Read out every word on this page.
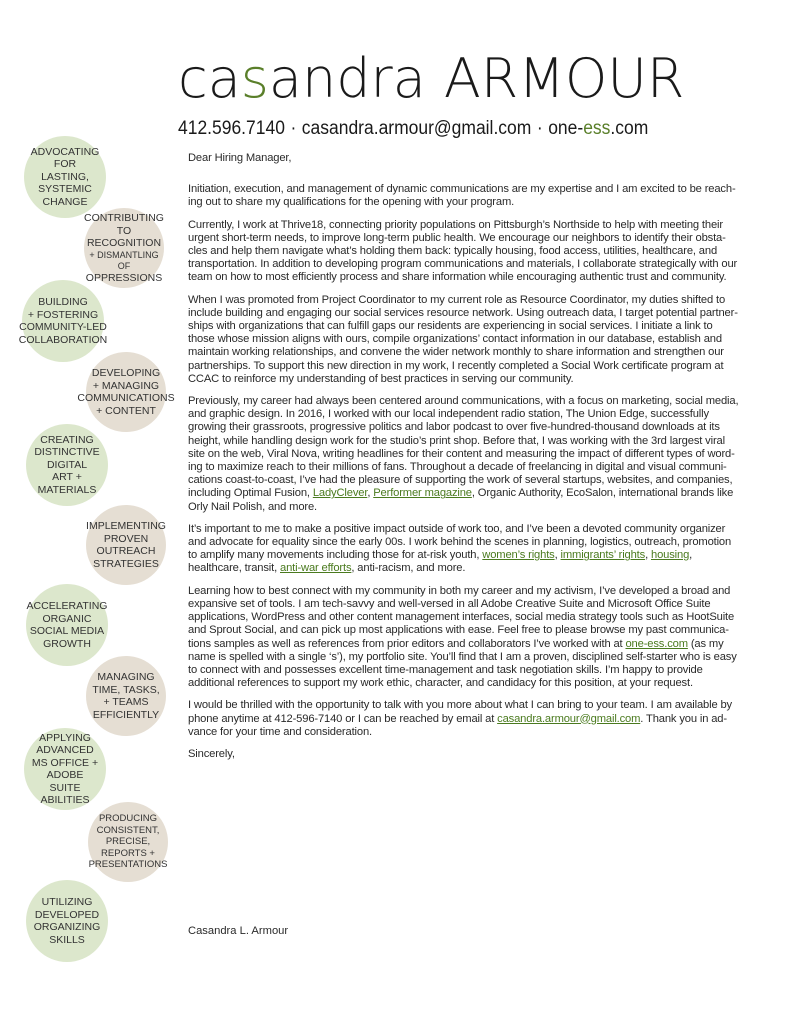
casandra ARMOUR
412.596.7140 · casandra.armour@gmail.com · one-ess.com
ADVOCATING
FOR LASTING,
SYSTEMIC
CHANGE
CONTRIBUTING
TO RECOGNITION
+ DISMANTLING OF
OPPRESSIONS
BUILDING
+ FOSTERING
COMMUNITY-LED
COLLABORATION
DEVELOPING
+ MANAGING
COMMUNICATIONS
+ CONTENT
CREATING
DISTINCTIVE
DIGITAL
ART +
MATERIALS
IMPLEMENTING
PROVEN
OUTREACH
STRATEGIES
ACCELERATING
ORGANIC
SOCIAL MEDIA
GROWTH
MANAGING
TIME, TASKS,
+ TEAMS
EFFICIENTLY
APPLYING
ADVANCED
MS OFFICE +
ADOBE SUITE
ABILITIES
PRODUCING
CONSISTENT,
PRECISE,
REPORTS +
PRESENTATIONS
UTILIZING
DEVELOPED
ORGANIZING
SKILLS

Dear Hiring Manager,

Initiation, execution, and management of dynamic communications are my expertise and I am excited to be reach-ing out to share my qualifications for the opening with your program.

Currently, I work at Thrive18, connecting priority populations on Pittsburgh’s Northside to help with meeting their urgent short-term needs, to improve long-term public health. We encourage our neighbors to identify their obsta-cles and help them navigate what’s holding them back: typically housing, food access, utilities, healthcare, and transportation. In addition to developing program communications and materials, I collaborate strategically with our team on how to most efficiently process and share information while encouraging authentic trust and community.

When I was promoted from Project Coordinator to my current role as Resource Coordinator, my duties shifted to include building and engaging our social services resource network. Using outreach data, I target potential partner-ships with organizations that can fulfill gaps our residents are experiencing in social services. I initiate a link to those whose mission aligns with ours, compile organizations’ contact information in our database, establish and maintain working relationships, and convene the wider network monthly to share information and strengthen our partnerships. To support this new direction in my work, I recently completed a Social Work certificate program at CCAC to reinforce my understanding of best practices in serving our community.

Previously, my career had always been centered around communications, with a focus on marketing, social media, and graphic design. In 2016, I worked with our local independent radio station, The Union Edge, successfully growing their grassroots, progressive politics and labor podcast to over five-hundred-thousand downloads at its height, while handling design work for the studio’s print shop. Before that, I was working with the 3rd largest viral site on the web, Viral Nova, writing headlines for their content and measuring the impact of different types of word-ing to maximize reach to their millions of fans. Throughout a decade of freelancing in digital and visual communi-cations coast-to-coast, I’ve had the pleasure of supporting the work of several startups, websites, and companies, including Optimal Fusion, LadyClever, Performer magazine, Organic Authority, EcoSalon, international brands like Orly Nail Polish, and more.

It’s important to me to make a positive impact outside of work too, and I’ve been a devoted community organizer and advocate for equality since the early 00s. I work behind the scenes in planning, logistics, outreach, promotion to amplify many movements including those for at-risk youth, women’s rights, immigrants’ rights, housing, healthcare, transit, anti-war efforts, anti-racism, and more.

Learning how to best connect with my community in both my career and my activism, I’ve developed a broad and expansive set of tools. I am tech-savvy and well-versed in all Adobe Creative Suite and Microsoft Office Suite applications, WordPress and other content management interfaces, social media strategy tools such as HootSuite and Sprout Social, and can pick up most applications with ease. Feel free to please browse my past communica-tions samples as well as references from prior editors and collaborators I’ve worked with at one-ess.com (as my name is spelled with a single ‘s’), my portfolio site. You’ll find that I am a proven, disciplined self-starter who is easy to connect with and possesses excellent time-management and task negotiation skills. I’m happy to provide additional references to support my work ethic, character, and candidacy for this position, at your request.

I would be thrilled with the opportunity to talk with you more about what I can bring to your team. I am available by phone anytime at 412-596-7140 or I can be reached by email at casandra.armour@gmail.com. Thank you in ad-vance for your time and consideration.

Sincerely,

Casandra L. Armour
